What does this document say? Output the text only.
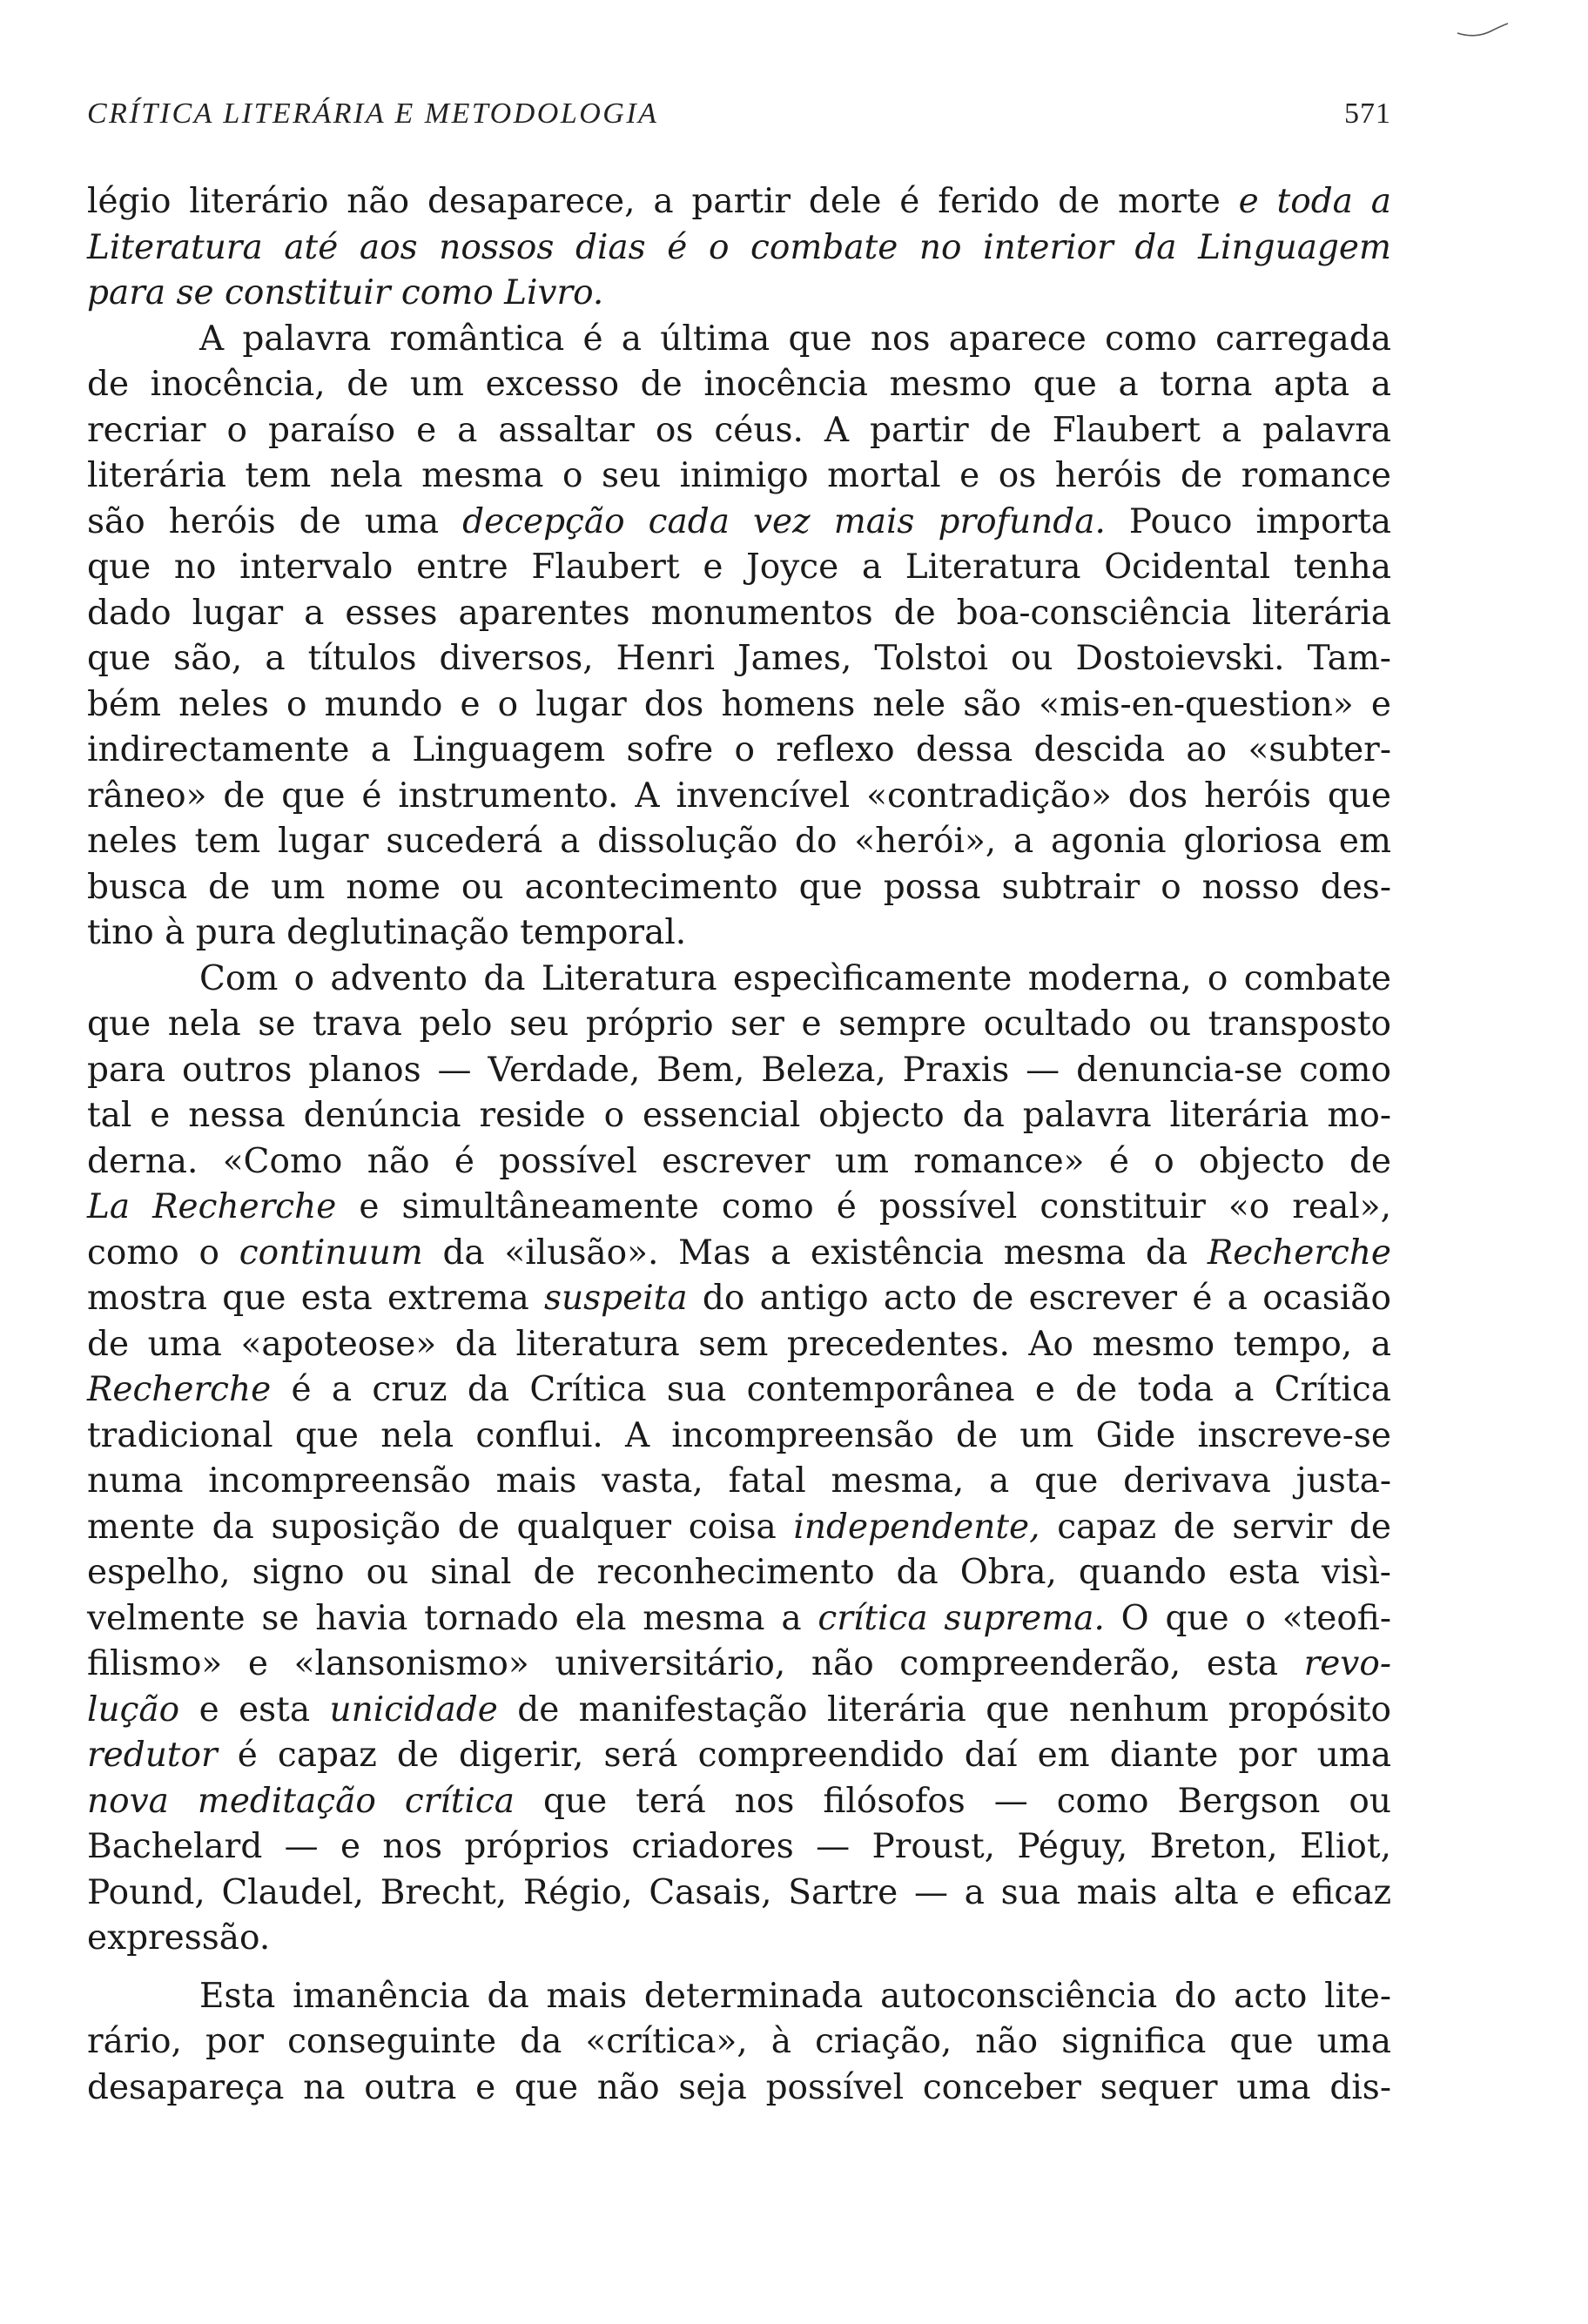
CRÍTICA LITERÁRIA E METODOLOGIA	571
légio literário não desaparece, a partir dele é ferido de morte e toda a
Literatura até aos nossos dias é o combate no interior da Linguagem
para se constituir como Livro.
A palavra romântica é a última que nos aparece como carregada
de inocência, de um excesso de inocência mesmo que a torna apta a
recriar o paraíso e a assaltar os céus. A partir de Flaubert a palavra
literária tem nela mesma o seu inimigo mortal e os heróis de romance
são heróis de uma decepção cada vez mais profunda. Pouco importa
que no intervalo entre Flaubert e Joyce a Literatura Ocidental tenha
dado lugar a esses aparentes monumentos de boa-consciência literária
que são, a títulos diversos, Henri James, Tolstoi ou Dostoievski. Tam-
bém neles o mundo e o lugar dos homens nele são «mis-en-question» e
indirectamente a Linguagem sofre o reflexo dessa descida ao «subter-
râneo» de que é instrumento. A invencível «contradição» dos heróis que
neles tem lugar sucederá a dissolução do «herói», a agonia gloriosa em
busca de um nome ou acontecimento que possa subtrair o nosso des-
tino à pura deglutinação temporal.
Com o advento da Literatura especìficamente moderna, o combate
que nela se trava pelo seu próprio ser e sempre ocultado ou transposto
para outros planos — Verdade, Bem, Beleza, Praxis — denuncia-se como
tal e nessa denúncia reside o essencial objecto da palavra literária mo-
derna. «Como não é possível escrever um romance» é o objecto de
La Recherche e simultâneamente como é possível constituir «o real»,
como o continuum da «ilusão». Mas a existência mesma da Recherche
mostra que esta extrema suspeita do antigo acto de escrever é a ocasião
de uma «apoteose» da literatura sem precedentes. Ao mesmo tempo, a
Recherche é a cruz da Crítica sua contemporânea e de toda a Crítica
tradicional que nela conflui. A incompreensão de um Gide inscreve-se
numa incompreensão mais vasta, fatal mesma, a que derivava justa-
mente da suposição de qualquer coisa independente, capaz de servir de
espelho, signo ou sinal de reconhecimento da Obra, quando esta visì-
velmente se havia tornado ela mesma a crítica suprema. O que o «teofi-
filismo» e «lansonismo» universitário, não compreenderão, esta revo-
lução e esta unicidade de manifestação literária que nenhum propósito
redutor é capaz de digerir, será compreendido daí em diante por uma
nova meditação crítica que terá nos filósofos — como Bergson ou
Bachelard — e nos próprios criadores — Proust, Péguy, Breton, Eliot,
Pound, Claudel, Brecht, Régio, Casais, Sartre — a sua mais alta e eficaz
expressão.
Esta imanência da mais determinada autoconsciência do acto lite-
rário, por conseguinte da «crítica», à criação, não significa que uma
desapareça na outra e que não seja possível conceber sequer uma dis-
